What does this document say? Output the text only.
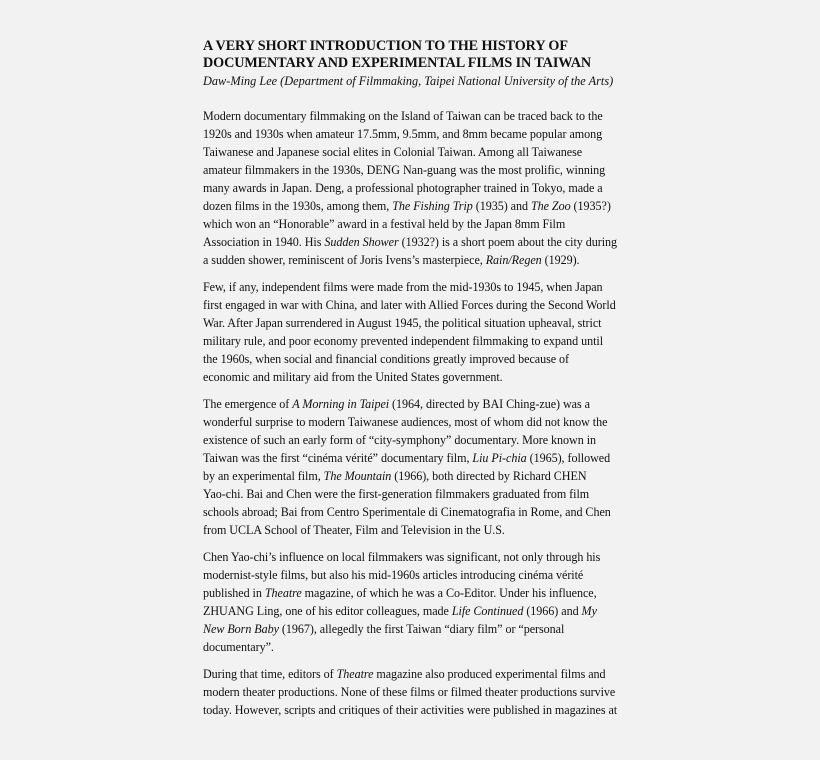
A VERY SHORT INTRODUCTION TO THE HISTORY OF
DOCUMENTARY AND EXPERIMENTAL FILMS IN TAIWAN

Daw-Ming Lee (Department of Filmmaking, Taipei National University of the Arts)

Modern documentary filmmaking on the Island of Taiwan can be traced back to the
1920s and 1930s when amateur 17.5mm, 9.5mm, and 8mm became popular among
Taiwanese and Japanese social elites in Colonial Taiwan. Among all Taiwanese
amateur filmmakers in the 1930s, DENG Nan-guang was the most prolific, winning
many awards in Japan. Deng, a professional photographer trained in Tokyo, made a
dozen films in the 1930s, among them, The Fishing Trip (1935) and The Zoo (1935?)
which won an “Honorable” award in a festival held by the Japan 8mm Film
Association in 1940. His Sudden Shower (1932?) is a short poem about the city during
a sudden shower, reminiscent of Joris Ivens’s masterpiece, Rain/Regen (1929).

Few, if any, independent films were made from the mid-1930s to 1945, when Japan
first engaged in war with China, and later with Allied Forces during the Second World
War. After Japan surrendered in August 1945, the political situation upheaval, strict
military rule, and poor economy prevented independent filmmaking to expand until
the 1960s, when social and financial conditions greatly improved because of
economic and military aid from the United States government.

The emergence of A Morning in Taipei (1964, directed by BAI Ching-zue) was a
wonderful surprise to modern Taiwanese audiences, most of whom did not know the
existence of such an early form of “city-symphony” documentary. More known in
Taiwan was the first “cinéma vérité” documentary film, Liu Pi-chia (1965), followed
by an experimental film, The Mountain (1966), both directed by Richard CHEN
Yao-chi. Bai and Chen were the first-generation filmmakers graduated from film
schools abroad; Bai from Centro Sperimentale di Cinematografia in Rome, and Chen
from UCLA School of Theater, Film and Television in the U.S.

Chen Yao-chi’s influence on local filmmakers was significant, not only through his
modernist-style films, but also his mid-1960s articles introducing cinéma vérité
published in Theatre magazine, of which he was a Co-Editor. Under his influence,
ZHUANG Ling, one of his editor colleagues, made Life Continued (1966) and My
New Born Baby (1967), allegedly the first Taiwan “diary film” or “personal
documentary”.

During that time, editors of Theatre magazine also produced experimental films and
modern theater productions. None of these films or filmed theater productions survive
today. However, scripts and critiques of their activities were published in magazines at
